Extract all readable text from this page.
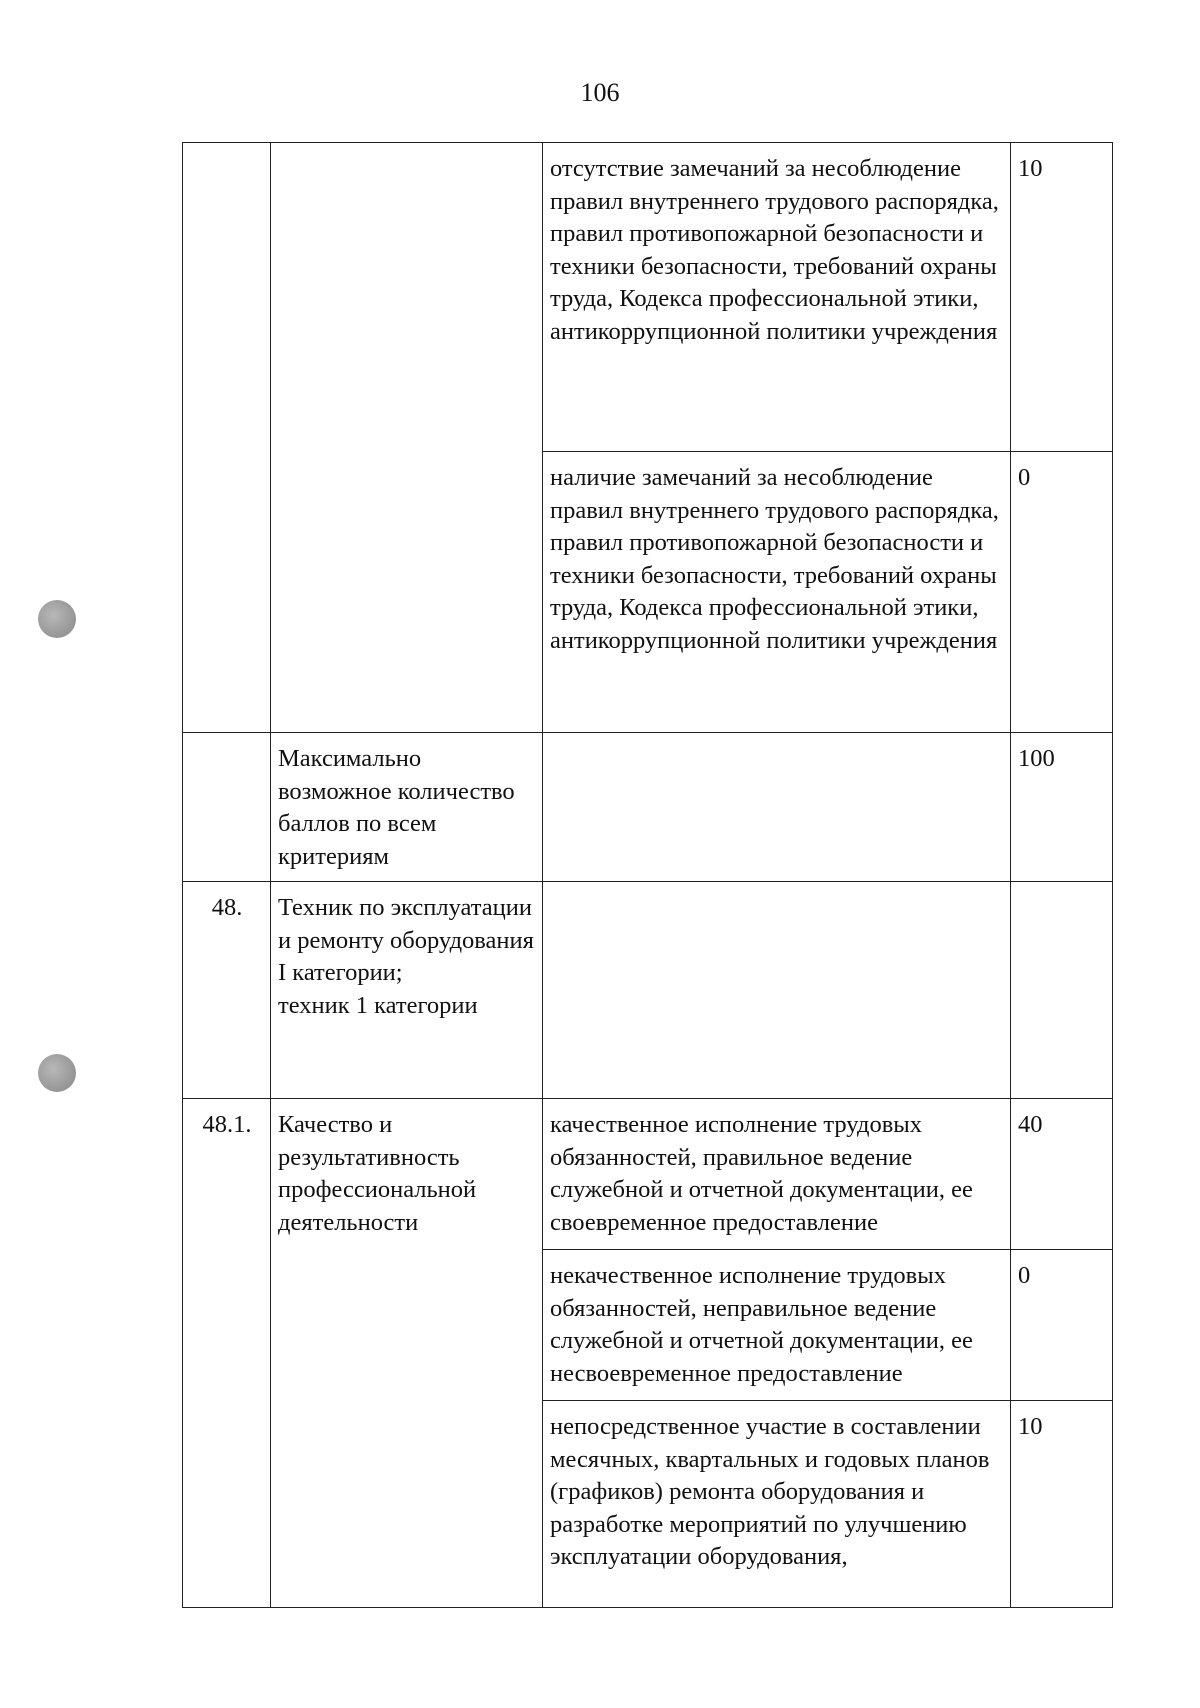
106
		отсутствие замечаний за несоблюдение правил внутреннего трудового распорядка, правил противопожарной безопасности и техники безопасности, требований охраны труда, Кодекса профессиональной этики, антикоррупционной политики учреждения	10
		наличие замечаний за несоблюдение правил внутреннего трудового распорядка, правил противопожарной безопасности и техники безопасности, требований охраны труда, Кодекса профессиональной этики, антикоррупционной политики учреждения	0
	Максимально возможное количество баллов по всем критериям		100
48.	Техник по эксплуатации и ремонту оборудования I категории;
техник 1 категории		
48.1.	Качество и результативность профессиональной деятельности	качественное исполнение трудовых обязанностей, правильное ведение служебной и отчетной документации, ее своевременное предоставление	40
		некачественное исполнение трудовых обязанностей, неправильное ведение служебной и отчетной документации, ее несвоевременное предоставление	0
		непосредственное участие в составлении месячных, квартальных и годовых планов (графиков) ремонта оборудования и разработке мероприятий по улучшению эксплуатации оборудования,	10
